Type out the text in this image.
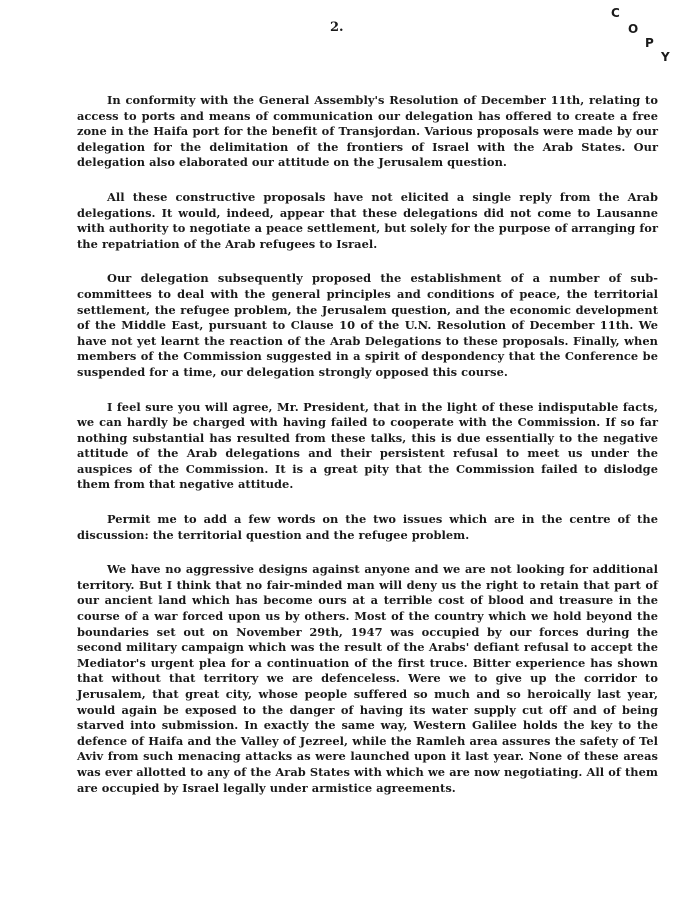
2.
C
O
P
Y

In conformity with the General Assembly's Resolution of December 11th, relating to access to ports and means of communication our delegation has offered to create a free zone in the Haifa port for the benefit of Transjordan. Various proposals were made by our delegation for the delimitation of the frontiers of Israel with the Arab States. Our delegation also elaborated our attitude on the Jerusalem question.

All these constructive proposals have not elicited a single reply from the Arab delegations. It would, indeed, appear that these delegations did not come to Lausanne with authority to negotiate a peace settlement, but solely for the purpose of arranging for the repatriation of the Arab refugees to Israel.

Our delegation subsequently proposed the establishment of a number of sub-committees to deal with the general principles and conditions of peace, the territorial settlement, the refugee problem, the Jerusalem question, and the economic development of the Middle East, pursuant to Clause 10 of the U.N. Resolution of December 11th. We have not yet learnt the reaction of the Arab Delegations to these proposals. Finally, when members of the Commission suggested in a spirit of despondency that the Conference be suspended for a time, our delegation strongly opposed this course.

I feel sure you will agree, Mr. President, that in the light of these indisputable facts, we can hardly be charged with having failed to cooperate with the Commission. If so far nothing substantial has resulted from these talks, this is due essentially to the negative attitude of the Arab delegations and their persistent refusal to meet us under the auspices of the Commission. It is a great pity that the Commission failed to dislodge them from that negative attitude.

Permit me to add a few words on the two issues which are in the centre of the discussion: the territorial question and the refugee problem.

We have no aggressive designs against anyone and we are not looking for additional territory. But I think that no fair-minded man will deny us the right to retain that part of our ancient land which has become ours at a terrible cost of blood and treasure in the course of a war forced upon us by others. Most of the country which we hold beyond the boundaries set out on November 29th, 1947 was occupied by our forces during the second military campaign which was the result of the Arabs' defiant refusal to accept the Mediator's urgent plea for a continuation of the first truce. Bitter experience has shown that without that territory we are defenceless. Were we to give up the corridor to Jerusalem, that great city, whose people suffered so much and so heroically last year, would again be exposed to the danger of having its water supply cut off and of being starved into submission. In exactly the same way, Western Galilee holds the key to the defence of Haifa and the Valley of Jezreel, while the Ramleh area assures the safety of Tel Aviv from such menacing attacks as were launched upon it last year. None of these areas was ever allotted to any of the Arab States with which we are now negotiating. All of them are occupied by Israel legally under armistice agreements.
